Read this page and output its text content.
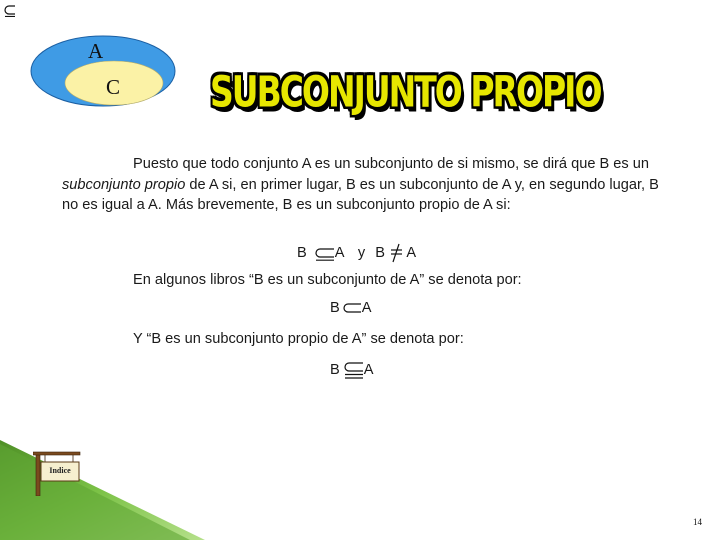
A
C	SUBCONJUNTO PROPIO
Puesto que todo conjunto A es un subconjunto de si mismo, se dirá que B es un subconjunto propio de A si, en primer lugar, B es un subconjunto de A y, en segundo lugar, B no es igual a A. Más brevemente, B es un subconjunto propio de A si:
B A y B A
En algunos libros “B es un subconjunto de A” se denota por:
B A
Y “B es un subconjunto propio de A” se denota por:
B A
Indice
14
